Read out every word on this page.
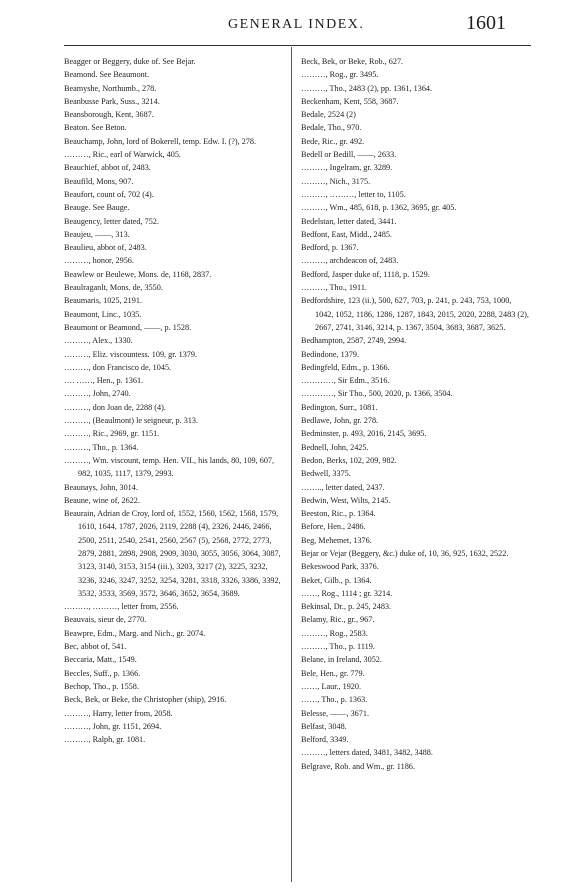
GENERAL INDEX.	1601

Beagger or Beggery, duke of. See Bejar.

Beamond. See Beaumont.

Beamyshe, Northumb., 278.

Beanbusse Park, Suss., 3214.

Beansborough, Kent, 3687.

Beaton. See Beton.

Beauchamp, John, lord of Bokerell, temp. Edw. I. (?), 278.

………, Ric., earl of Warwick, 405.

Beauchief, abbot of, 2483.

Beaufild, Mons, 907.

Beaufort, count of, 702 (4).

Beauge. See Bauge.

Beaugency, letter dated, 752.

Beaujeu, ——, 313.

Beaulieu, abbot of, 2483.

………, honor, 2956.

Beawlew or Beulewe, Mons. de, 1168, 2837.

Beaulraganlt, Mons. de, 3550.

Beaumaris, 1025, 2191.

Beaumont, Linc., 1035.

Beaumont or Beamond, ——, p. 1528.

………, Alex., 1330.

………, Eliz. viscountess. 109, gr. 1379.

………, don Francisco de, 1045.

…. ……, Hen., p. 1361.

………, John, 2740.

………, don Joan de, 2288 (4).

………, (Beaulmont) le seigneur, p. 313.

………, Ric., 2969, gr. 1151.

………, Tho., p. 1364.

………, Wm. viscount, temp. Hen. VII., his lands, 80, 109, 607, 982, 1035, 1117, 1379, 2993.

Beaunays, John, 3014.

Beaune, wine of, 2622.

Beaurain, Adrian de Croy, lord of, 1552, 1560, 1562, 1568, 1579, 1610, 1644, 1787, 2026, 2119, 2288 (4), 2326, 2446, 2466, 2500, 2511, 2540, 2541, 2560, 2567 (5), 2568, 2772, 2773, 2879, 2881, 2898, 2908, 2909, 3030, 3055, 3056, 3064, 3087, 3123, 3140, 3153, 3154 (iii.), 3203, 3217 (2), 3225, 3232, 3236, 3246, 3247, 3252, 3254, 3281, 3318, 3326, 3386, 3392, 3532, 3533, 3569, 3572, 3646, 3652, 3654, 3689.

………, ………, letter from, 2556.

Beauvais, sieur de, 2770.

Beawpre, Edm., Marg. and Nich., gr. 2074.

Bec, abbot of, 541.

Beccaria, Matt., 1549.

Beccles, Suff., p. 1366.

Bechop, Tho., p. 1558.

Beck, Bek, or Beke, the Christopher (ship), 2916.

………, Harry, letter from, 2058.

………, John, gr. 1151, 2694.

………, Ralph, gr. 1081.

Beck, Bek, or Beke, Rob., 627.

………, Rog., gr. 3495.

………, Tho., 2483 (2), pp. 1361, 1364.

Beckenham, Kent, 558, 3687.

Bedale, 2524 (2)

Bedale, Tho., 970.

Bede, Ric., gr. 492.

Bedell or Bedill, ——, 2633.

………, Ingelram, gr. 3289.

………, Nich., 3175.

………, ………, letter to, 1105.

………, Wm., 485, 618, p. 1362, 3695, gr. 405.

Bedelstan, letter dated, 3441.

Bedfont, East, Midd., 2485.

Bedford, p. 1367.

………, archdeacon of, 2483.

Bedford, Jasper duke of, 1118, p. 1529.

………, Tho., 1911.

Bedfordshire, 123 (ii.), 500, 627, 703, p. 241, p. 243, 753, 1000, 1042, 1052, 1186, 1286, 1287, 1843, 2015, 2020, 2288, 2483 (2), 2667, 2741, 3146, 3214, p. 1367, 3504, 3683, 3687, 3625.

Bedhampton, 2587, 2749, 2994.

Bedindone, 1379.

Bedingfeld, Edm., p. 1366.

…………, Sir Edm., 3516.

…………, Sir Tho., 500, 2020, p. 1366, 3504.

Bedington, Surr., 1081.

Bedlawe, John, gr. 278.

Bedminster, p. 493, 2016, 2145, 3695.

Bednell, John, 2425.

Bedon, Berks, 102, 209, 982.

Bedwell, 3375.

…….., letter dated, 2437.

Bedwin, West, Wilts, 2145.

Beeston, Ric., p. 1364.

Before, Hen., 2486.

Beg, Mehemet, 1376.

Bejar or Vejar (Beggery, &c.) duke of, 10, 36, 925, 1632, 2522.

Bekeswood Park, 3376.

Beket, Gilb., p. 1364.

……, Rog., 1114 ; gr. 3214.

Bekinsal, Dr., p. 245, 2483.

Belamy, Ric., gr., 967.

………, Rog., 2583.

………, Tho., p. 1119.

Belane, in Ireland, 3052.

Bele, Hen., gr. 779.

……, Laur., 1920.

……, Tho., p. 1363.

Belesse, ——, 3671.

Belfast, 3048.

Belford, 3349.

………, letters dated, 3481, 3482, 3488.

Belgrave, Rob. and Wm., gr. 1186.
